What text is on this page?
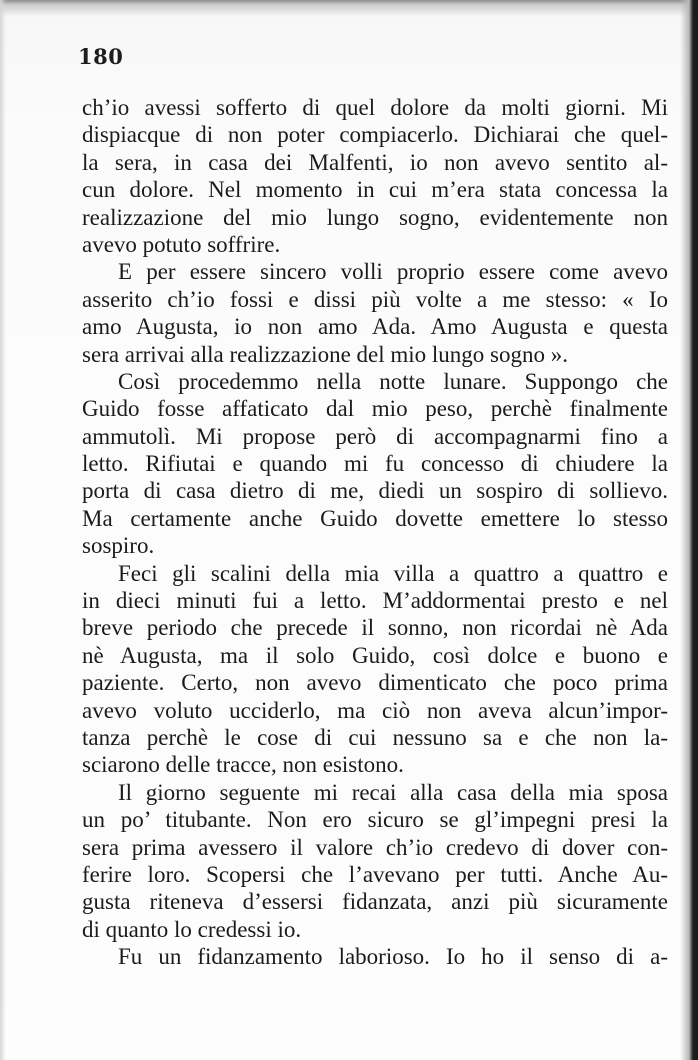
180
ch’io avessi sofferto di quel dolore da molti giorni. Mi
dispiacque di non poter compiacerlo. Dichiarai che quel-
la sera, in casa dei Malfenti, io non avevo sentito al-
cun dolore. Nel momento in cui m’era stata concessa la
realizzazione del mio lungo sogno, evidentemente non
avevo potuto soffrire.
E per essere sincero volli proprio essere come avevo
asserito ch’io fossi e dissi più volte a me stesso: « Io
amo Augusta, io non amo Ada. Amo Augusta e questa
sera arrivai alla realizzazione del mio lungo sogno ».
Così procedemmo nella notte lunare. Suppongo che
Guido fosse affaticato dal mio peso, perchè finalmente
ammutolì. Mi propose però di accompagnarmi fino a
letto. Rifiutai e quando mi fu concesso di chiudere la
porta di casa dietro di me, diedi un sospiro di sollievo.
Ma certamente anche Guido dovette emettere lo stesso
sospiro.
Feci gli scalini della mia villa a quattro a quattro e
in dieci minuti fui a letto. M’addormentai presto e nel
breve periodo che precede il sonno, non ricordai nè Ada
nè Augusta, ma il solo Guido, così dolce e buono e
paziente. Certo, non avevo dimenticato che poco prima
avevo voluto ucciderlo, ma ciò non aveva alcun’impor-
tanza perchè le cose di cui nessuno sa e che non la-
sciarono delle tracce, non esistono.
Il giorno seguente mi recai alla casa della mia sposa
un po’ titubante. Non ero sicuro se gl’impegni presi la
sera prima avessero il valore ch’io credevo di dover con-
ferire loro. Scopersi che l’avevano per tutti. Anche Au-
gusta riteneva d’essersi fidanzata, anzi più sicuramente
di quanto lo credessi io.
Fu un fidanzamento laborioso. Io ho il senso di a-
